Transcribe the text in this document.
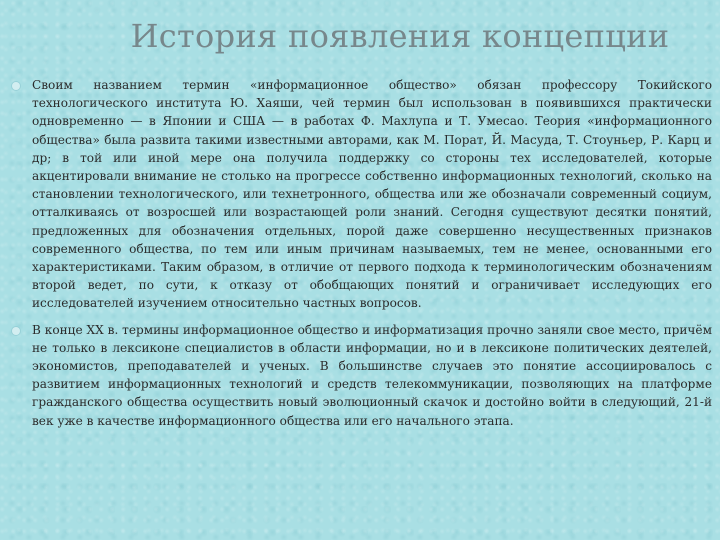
История появления концепции
Своим названием термин «информационное общество» обязан профессору Токийского технологического института Ю. Хаяши, чей термин был использован в появившихся практически одновременно — в Японии и США — в работах Ф. Махлупа и Т. Умесао. Теория «информационного общества» была развита такими известными авторами, как М. Порат, Й. Масуда, Т. Стоуньер, Р. Карц и др; в той или иной мере она получила поддержку со стороны тех исследователей, которые акцентировали внимание не столько на прогрессе собственно информационных технологий, сколько на становлении технологического, или технетронного, общества или же обозначали современный социум, отталкиваясь от возросшей или возрастающей роли знаний. Сегодня существуют десятки понятий, предложенных для обозначения отдельных, порой даже совершенно несущественных признаков современного общества, по тем или иным причинам называемых, тем не менее, основанными его характеристиками. Таким образом, в отличие от первого подхода к терминологическим обозначениям второй ведет, по сути, к отказу от обобщающих понятий и ограничивает исследующих его исследователей изучением относительно частных вопросов.
В конце XX в. термины информационное общество и информатизация прочно заняли свое место, причём не только в лексиконе специалистов в области информации, но и в лексиконе политических деятелей, экономистов, преподавателей и ученых. В большинстве случаев это понятие ассоциировалось с развитием информационных технологий и средств телекоммуникации, позволяющих на платформе гражданского общества осуществить новый эволюционный скачок и достойно войти в следующий, 21-й век уже в качестве информационного общества или его начального этапа.
